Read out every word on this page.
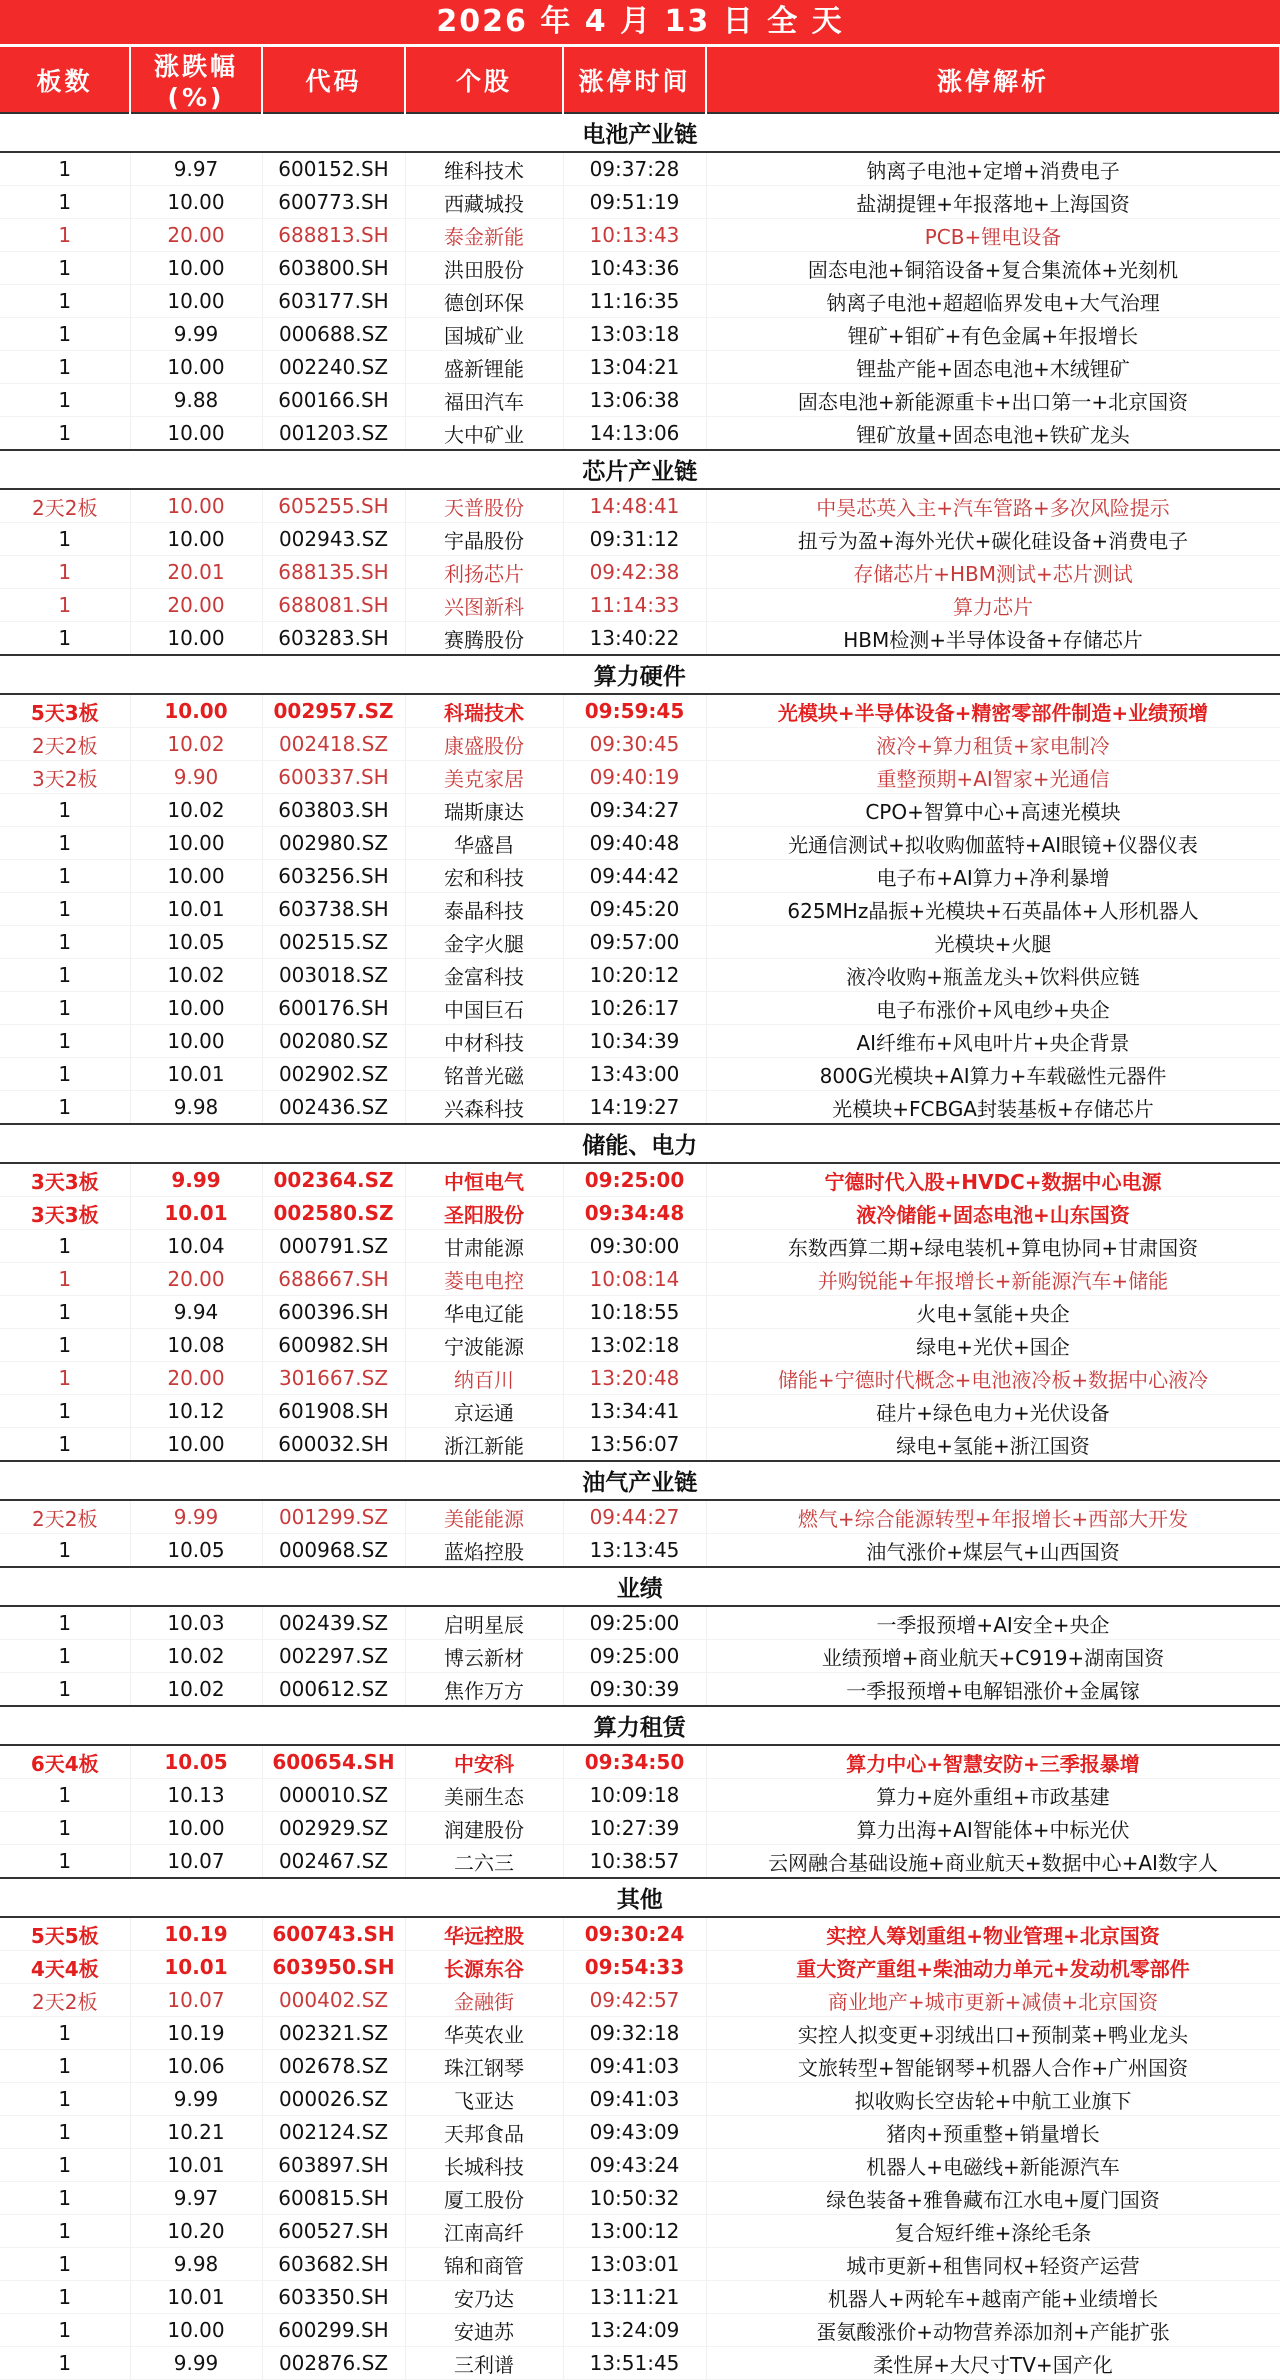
2026 年 4 月 13 日 全 天
板数	涨跌幅(%)	代码	个股	涨停时间	涨停解析
电池产业链					
1	9.97	600152.SH	维科技术	09:37:28	钠离子电池+定增+消费电子
1	10.00	600773.SH	西藏城投	09:51:19	盐湖提锂+年报落地+上海国资
1	20.00	688813.SH	泰金新能	10:13:43	PCB+锂电设备
1	10.00	603800.SH	洪田股份	10:43:36	固态电池+铜箔设备+复合集流体+光刻机
1	10.00	603177.SH	德创环保	11:16:35	钠离子电池+超超临界发电+大气治理
1	9.99	000688.SZ	国城矿业	13:03:18	锂矿+钼矿+有色金属+年报增长
1	10.00	002240.SZ	盛新锂能	13:04:21	锂盐产能+固态电池+木绒锂矿
1	9.88	600166.SH	福田汽车	13:06:38	固态电池+新能源重卡+出口第一+北京国资
1	10.00	001203.SZ	大中矿业	14:13:06	锂矿放量+固态电池+铁矿龙头
芯片产业链					
2天2板	10.00	605255.SH	天普股份	14:48:41	中昊芯英入主+汽车管路+多次风险提示
1	10.00	002943.SZ	宇晶股份	09:31:12	扭亏为盈+海外光伏+碳化硅设备+消费电子
1	20.01	688135.SH	利扬芯片	09:42:38	存储芯片+HBM测试+芯片测试
1	20.00	688081.SH	兴图新科	11:14:33	算力芯片
1	10.00	603283.SH	赛腾股份	13:40:22	HBM检测+半导体设备+存储芯片
算力硬件					
5天3板	10.00	002957.SZ	科瑞技术	09:59:45	光模块+半导体设备+精密零部件制造+业绩预增
2天2板	10.02	002418.SZ	康盛股份	09:30:45	液冷+算力租赁+家电制冷
3天2板	9.90	600337.SH	美克家居	09:40:19	重整预期+AI智家+光通信
1	10.02	603803.SH	瑞斯康达	09:34:27	CPO+智算中心+高速光模块
1	10.00	002980.SZ	华盛昌	09:40:48	光通信测试+拟收购伽蓝特+AI眼镜+仪器仪表
1	10.00	603256.SH	宏和科技	09:44:42	电子布+AI算力+净利暴增
1	10.01	603738.SH	泰晶科技	09:45:20	625MHz晶振+光模块+石英晶体+人形机器人
1	10.05	002515.SZ	金字火腿	09:57:00	光模块+火腿
1	10.02	003018.SZ	金富科技	10:20:12	液冷收购+瓶盖龙头+饮料供应链
1	10.00	600176.SH	中国巨石	10:26:17	电子布涨价+风电纱+央企
1	10.00	002080.SZ	中材科技	10:34:39	AI纤维布+风电叶片+央企背景
1	10.01	002902.SZ	铭普光磁	13:43:00	800G光模块+AI算力+车载磁性元器件
1	9.98	002436.SZ	兴森科技	14:19:27	光模块+FCBGA封装基板+存储芯片
储能、电力					
3天3板	9.99	002364.SZ	中恒电气	09:25:00	宁德时代入股+HVDC+数据中心电源
3天3板	10.01	002580.SZ	圣阳股份	09:34:48	液冷储能+固态电池+山东国资
1	10.04	000791.SZ	甘肃能源	09:30:00	东数西算二期+绿电装机+算电协同+甘肃国资
1	20.00	688667.SH	菱电电控	10:08:14	并购锐能+年报增长+新能源汽车+储能
1	9.94	600396.SH	华电辽能	10:18:55	火电+氢能+央企
1	10.08	600982.SH	宁波能源	13:02:18	绿电+光伏+国企
1	20.00	301667.SZ	纳百川	13:20:48	储能+宁德时代概念+电池液冷板+数据中心液冷
1	10.12	601908.SH	京运通	13:34:41	硅片+绿色电力+光伏设备
1	10.00	600032.SH	浙江新能	13:56:07	绿电+氢能+浙江国资
油气产业链					
2天2板	9.99	001299.SZ	美能能源	09:44:27	燃气+综合能源转型+年报增长+西部大开发
1	10.05	000968.SZ	蓝焰控股	13:13:45	油气涨价+煤层气+山西国资
业绩					
1	10.03	002439.SZ	启明星辰	09:25:00	一季报预增+AI安全+央企
1	10.02	002297.SZ	博云新材	09:25:00	业绩预增+商业航天+C919+湖南国资
1	10.02	000612.SZ	焦作万方	09:30:39	一季报预增+电解铝涨价+金属镓
算力租赁					
6天4板	10.05	600654.SH	中安科	09:34:50	算力中心+智慧安防+三季报暴增
1	10.13	000010.SZ	美丽生态	10:09:18	算力+庭外重组+市政基建
1	10.00	002929.SZ	润建股份	10:27:39	算力出海+AI智能体+中标光伏
1	10.07	002467.SZ	二六三	10:38:57	云网融合基础设施+商业航天+数据中心+AI数字人
其他					
5天5板	10.19	600743.SH	华远控股	09:30:24	实控人筹划重组+物业管理+北京国资
4天4板	10.01	603950.SH	长源东谷	09:54:33	重大资产重组+柴油动力单元+发动机零部件
2天2板	10.07	000402.SZ	金融街	09:42:57	商业地产+城市更新+减债+北京国资
1	10.19	002321.SZ	华英农业	09:32:18	实控人拟变更+羽绒出口+预制菜+鸭业龙头
1	10.06	002678.SZ	珠江钢琴	09:41:03	文旅转型+智能钢琴+机器人合作+广州国资
1	9.99	000026.SZ	飞亚达	09:41:03	拟收购长空齿轮+中航工业旗下
1	10.21	002124.SZ	天邦食品	09:43:09	猪肉+预重整+销量增长
1	10.01	603897.SH	长城科技	09:43:24	机器人+电磁线+新能源汽车
1	9.97	600815.SH	厦工股份	10:50:32	绿色装备+雅鲁藏布江水电+厦门国资
1	10.20	600527.SH	江南高纤	13:00:12	复合短纤维+涤纶毛条
1	9.98	603682.SH	锦和商管	13:03:01	城市更新+租售同权+轻资产运营
1	10.01	603350.SH	安乃达	13:11:21	机器人+两轮车+越南产能+业绩增长
1	10.00	600299.SH	安迪苏	13:24:09	蛋氨酸涨价+动物营养添加剂+产能扩张
1	9.99	002876.SZ	三利谱	13:51:45	柔性屏+大尺寸TV+国产化
